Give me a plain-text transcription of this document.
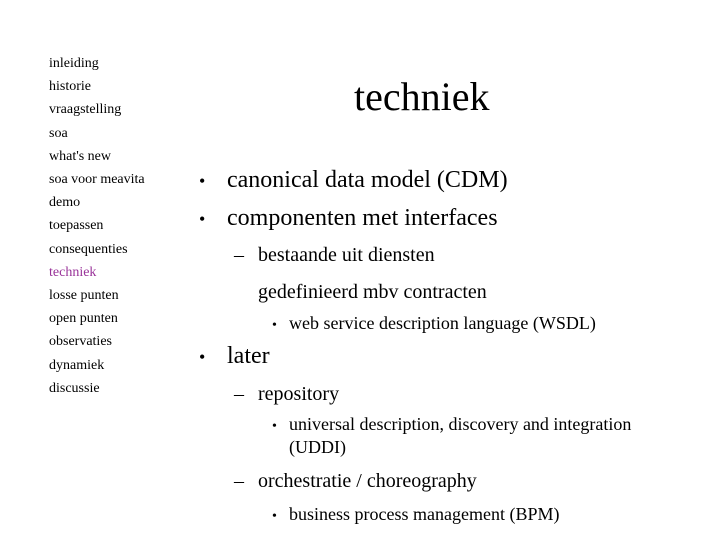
inleiding
historie
vraagstelling
soa
what's new
soa voor meavita
demo
toepassen
consequenties
techniek
losse punten
open punten
observaties
dynamiek
discussie
techniek
• canonical data model (CDM)
• componenten met interfaces
– bestaande uit diensten
gedefinieerd mbv contracten
• web service description language (WSDL)
• later
– repository
• universal description, discovery and integration
(UDDI)
– orchestratie / choreography
• business process management (BPM)
